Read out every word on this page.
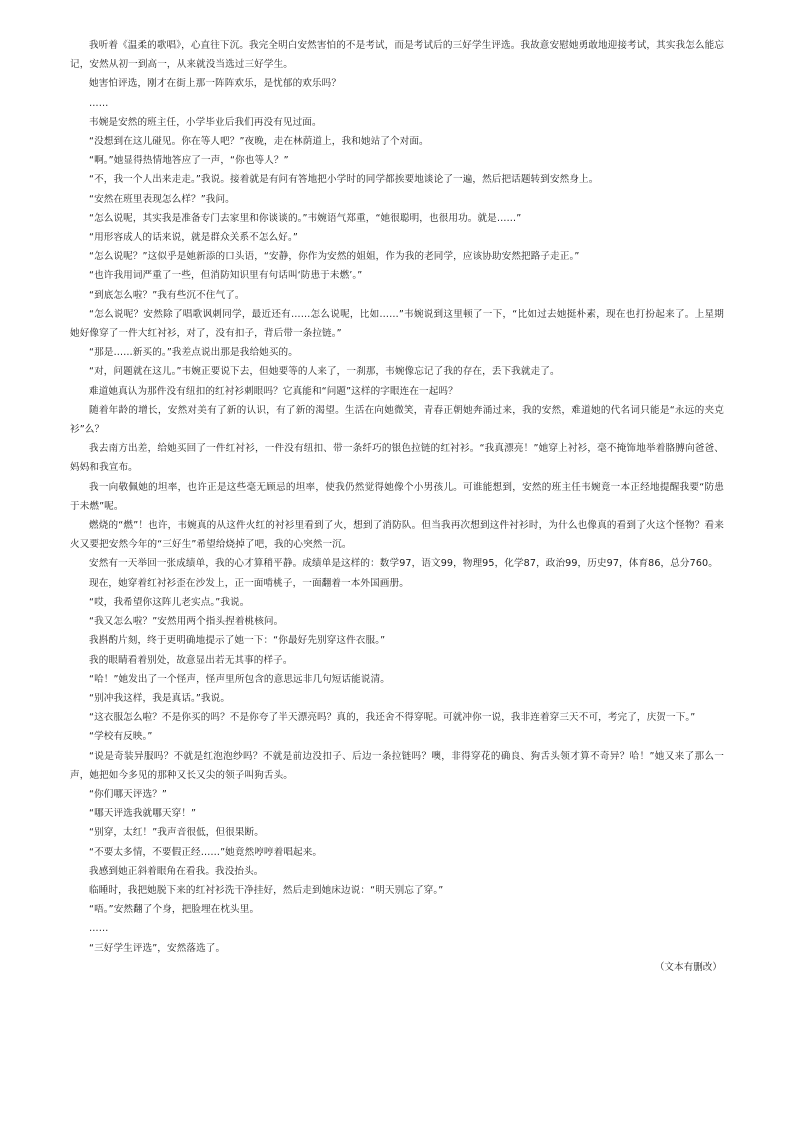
我听着《温柔的歌唱》，心直往下沉。我完全明白安然害怕的不是考试，而是考试后的三好学生评选。我故意安慰她勇敢地迎接考试，其实我怎么能忘记，安然从初一到高一，从来就没当选过三好学生。

她害怕评选，刚才在街上那一阵阵欢乐，是忧郁的欢乐吗？

……

韦婉是安然的班主任，小学毕业后我们再没有见过面。

“没想到在这儿碰见。你在等人吧？”夜晚，走在林荫道上，我和她站了个对面。

“啊。”她显得热情地答应了一声，“你也等人？”

“不，我一个人出来走走。”我说。接着就是有问有答地把小学时的同学都挨要地谈论了一遍，然后把话题转到安然身上。

“安然在班里表现怎么样？”我问。

“怎么说呢，其实我是准备专门去家里和你谈谈的。”韦婉语气郑重，“她很聪明，也很用功。就是……”

“用形容成人的话来说，就是群众关系不怎么好。”

“怎么说呢？”这似乎是她新添的口头语，“安静，你作为安然的姐姐，作为我的老同学，应该协助安然把路子走正。”

“也许我用词严重了一些，但消防知识里有句话叫‘防患于未燃’。”

“到底怎么啦？”我有些沉不住气了。

“怎么说呢？安然除了唱歌讽刺同学，最近还有……怎么说呢，比如……”韦婉说到这里顿了一下，“比如过去她挺朴素，现在也打扮起来了。上星期她好像穿了一件大红衬衫，对了，没有扣子，背后带一条拉链。”

“那是……新买的。”我差点说出那是我给她买的。

“对，问题就在这儿。”韦婉正要说下去，但她要等的人来了，一刹那，韦婉像忘记了我的存在，丢下我就走了。

难道她真认为那件没有纽扣的红衬衫刺眼吗？它真能和“问题”这样的字眼连在一起吗？

随着年龄的增长，安然对美有了新的认识，有了新的渴望。生活在向她微笑，青春正朝她奔涌过来，我的安然，难道她的代名词只能是“永远的夹克衫”么？

我去南方出差，给她买回了一件红衬衫，一件没有纽扣、带一条纤巧的银色拉链的红衬衫。“我真漂亮！”她穿上衬衫，毫不掩饰地举着胳膊向爸爸、妈妈和我宣布。

我一向敬佩她的坦率，也许正是这些毫无顾忌的坦率，使我仍然觉得她像个小男孩儿。可谁能想到，安然的班主任韦婉竟一本正经地提醒我要“防患于未燃”呢。

燃烧的“燃”！也许，韦婉真的从这件火红的衬衫里看到了火，想到了消防队。但当我再次想到这件衬衫时，为什么也像真的看到了火这个怪物？看来火又要把安然今年的“三好生”希望给烧掉了吧，我的心突然一沉。

安然有一天举回一张成绩单，我的心才算稍平静。成绩单是这样的：数学97，语文99，物理95，化学87，政治99，历史97，体育86，总分760。

现在，她穿着红衬衫歪在沙发上，正一面啃桃子，一面翻着一本外国画册。

“哎，我希望你这阵儿老实点。”我说。

“我又怎么啦？”安然用两个指头捏着桃核问。

我斟酌片刻，终于更明确地提示了她一下：“你最好先别穿这件衣服。”

我的眼睛看着别处，故意显出若无其事的样子。

“哈！”她发出了一个怪声，怪声里所包含的意思远非几句短话能说清。

“别冲我这样，我是真话。”我说。

“这衣服怎么啦？不是你买的吗？不是你夸了半天漂亮吗？真的，我还舍不得穿呢。可就冲你一说，我非连着穿三天不可，考完了，庆贺一下。”

“学校有反映。”

“说是奇装异服吗？不就是红泡泡纱吗？不就是前边没扣子、后边一条拉链吗？噢，非得穿花的确良、狗舌头领才算不奇异？哈！”她又来了那么一声，她把如今多见的那种又长又尖的领子叫狗舌头。

“你们哪天评选？”

“哪天评选我就哪天穿！”

“别穿，太红！”我声音很低，但很果断。

“不要太多情，不要假正经……”她竟然哼哼着唱起来。

我感到她正斜着眼角在看我。我没抬头。

临睡时，我把她脱下来的红衬衫洗干净挂好，然后走到她床边说：“明天别忘了穿。”

“唔。”安然翻了个身，把脸埋在枕头里。

……

“三好学生评选”，安然落选了。

（文本有删改）
